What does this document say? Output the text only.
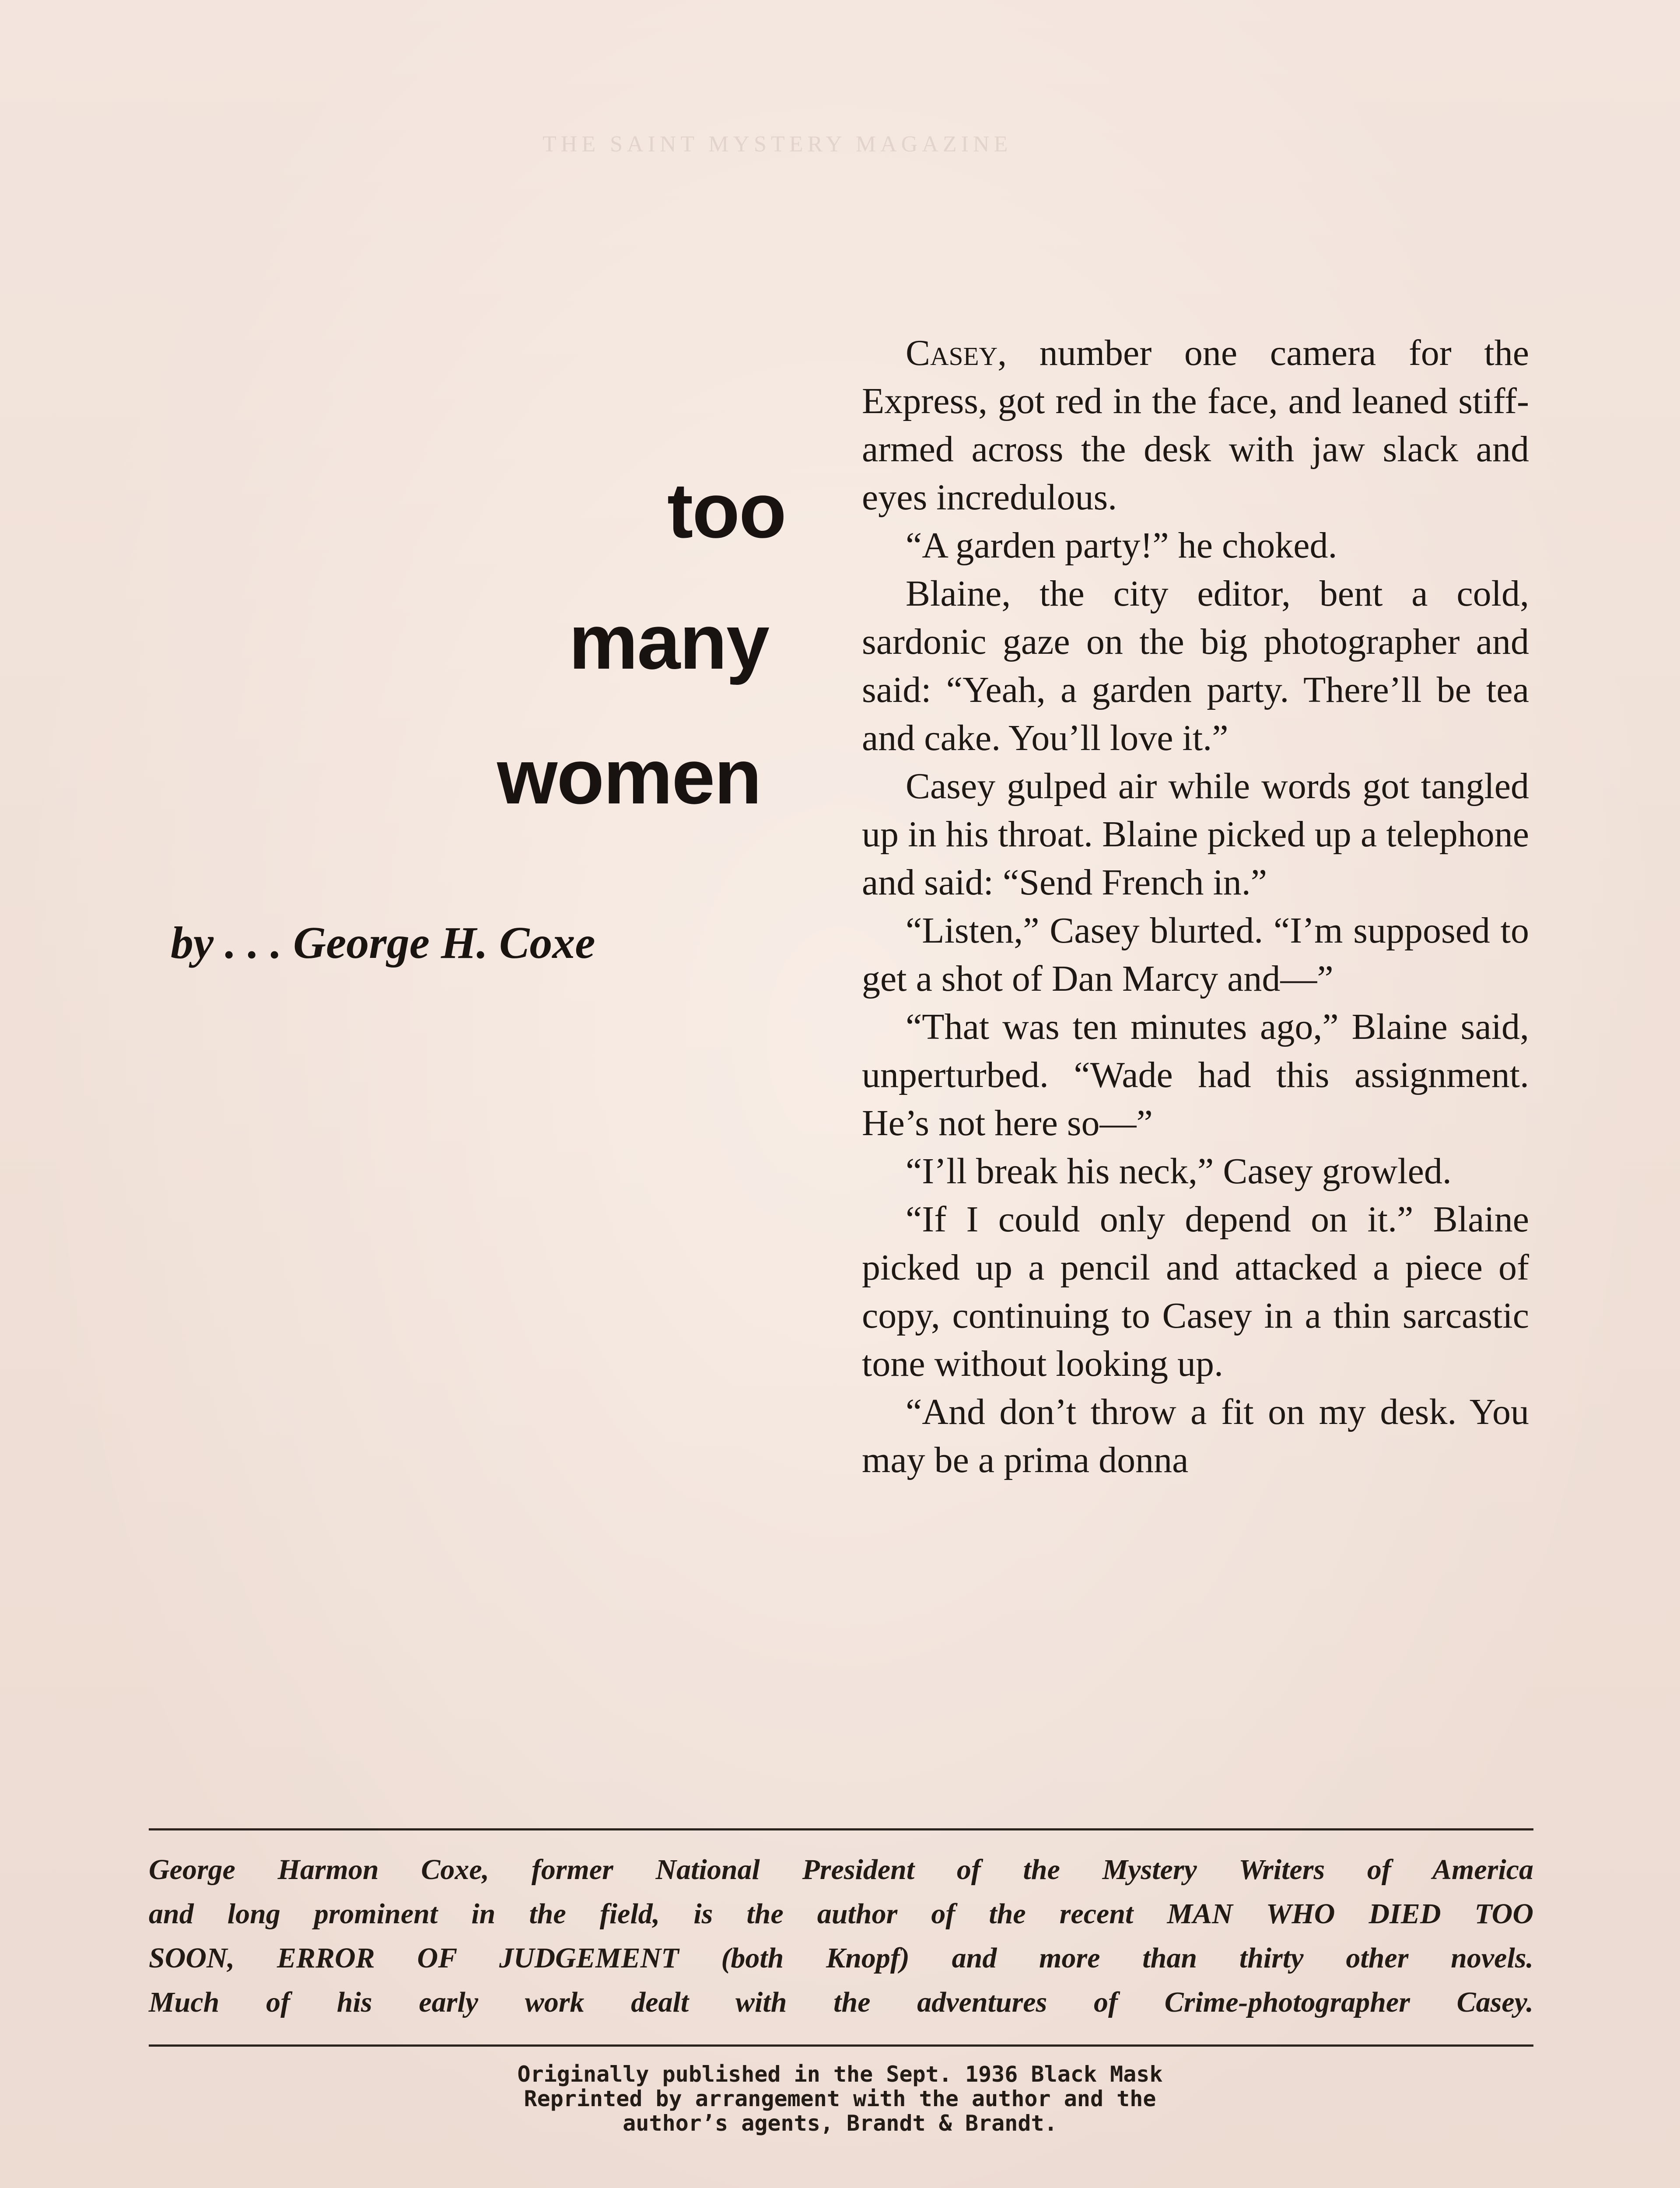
THE SAINT MYSTERY MAGAZINE
too
many
women
by . . . George H. Coxe

Casey, number one camera for the Express, got red in the face, and leaned stiff-armed across the desk with jaw slack and eyes incredulous.

“A garden party!” he choked.

Blaine, the city editor, bent a cold, sardonic gaze on the big photographer and said: “Yeah, a garden party. There’ll be tea and cake. You’ll love it.”

Casey gulped air while words got tangled up in his throat. Blaine picked up a telephone and said: “Send French in.”

“Listen,” Casey blurted. “I’m supposed to get a shot of Dan Marcy and—”

“That was ten minutes ago,” Blaine said, unperturbed. “Wade had this assignment. He’s not here so—”

“I’ll break his neck,” Casey growled.

“If I could only depend on it.” Blaine picked up a pencil and attacked a piece of copy, continuing to Casey in a thin sarcastic tone without looking up.

“And don’t throw a fit on my desk. You may be a prima donna

George Harmon Coxe, former National President of the Mystery Writers of America
and long prominent in the field, is the author of the recent MAN WHO DIED TOO
SOON, ERROR OF JUDGEMENT (both Knopf) and more than thirty other novels.
Much of his early work dealt with the adventures of Crime-photographer Casey.
Originally published in the Sept. 1936 Black Mask
Reprinted by arrangement with the author and the
author’s agents, Brandt & Brandt.
